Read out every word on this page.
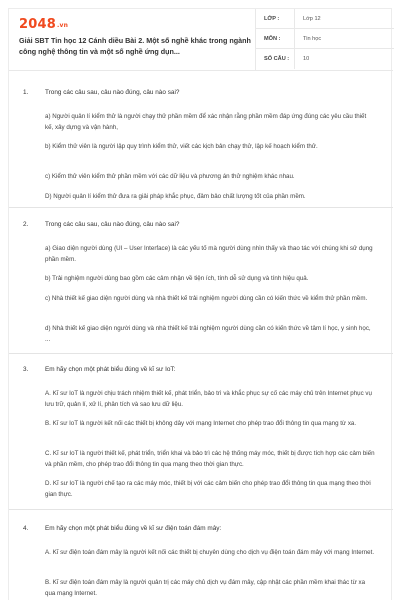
2048.vn
Giải SBT Tin học 12 Cánh diều Bài 2. Một số nghề khác trong ngành công nghệ thông tin và một số nghề ứng dụn...
LỚP :	Lớp 12
MÔN :	Tin học
SỐ CÂU :	10
1.	Trong các câu sau, câu nào đúng, câu nào sai?
a) Người quản lí kiểm thử là người chạy thử phần mềm để xác nhận rằng phần mềm đáp ứng đúng các yêu cầu thiết kế, xây dựng và vận hành,
b) Kiểm thử viên là người lập quy trình kiểm thử, viết các kịch bản chạy thử, lập kế hoạch kiểm thử.
c) Kiểm thử viên kiểm thử phần mềm với các dữ liệu và phương án thử nghiệm khác nhau.
D) Người quản lí kiểm thử đưa ra giải pháp khắc phục, đảm bảo chất lượng tốt của phần mềm.
2.	Trong các câu sau, câu nào đúng, câu nào sai?
a) Giao diện người dùng (UI – User Interface) là các yếu tố mà người dùng nhìn thấy và thao tác với chúng khi sử dụng phần mềm.
b) Trải nghiệm người dùng bao gồm các cảm nhận về tiện ích, tính dễ sử dụng và tính hiệu quả.
c) Nhà thiết kế giao diện người dùng và nhà thiết kế trải nghiệm người dùng cần có kiến thức về kiểm thử phần mềm.
d) Nhà thiết kế giao diện người dùng và nhà thiết kế trải nghiệm người dùng cần có kiến thức về tâm lí học, y sinh học, ...
3.	Em hãy chọn một phát biểu đúng về kĩ sư IoT:
A. Kĩ sư IoT là người chịu trách nhiệm thiết kế, phát triển, bảo trì và khắc phục sự cố các máy chủ trên Internet phục vụ lưu trữ, quản lí, xử lí, phân tích và sao lưu dữ liệu.
B. Kĩ sư IoT là người kết nối các thiết bị không dây với mạng Internet cho phép trao đổi thông tin qua mạng từ xa.
C. Kĩ sư IoT là người thiết kế, phát triển, triển khai và bảo trì các hệ thống máy móc, thiết bị được tích hợp các cảm biến và phần mềm, cho phép trao đổi thông tin qua mạng theo thời gian thực.
D. Kĩ sư IoT là người chế tạo ra các máy móc, thiết bị với các cảm biến cho phép trao đổi thông tin qua mạng theo thời gian thực.
4.	Em hãy chọn một phát biểu đúng về kĩ sư điện toán đám mây:
A. Kĩ sư điện toán đám mây là người kết nối các thiết bị chuyên dùng cho dịch vụ điện toán đám mây với mạng Internet.
B. Kĩ sư điện toán đám mây là người quản trị các máy chủ dịch vụ đám mây, cập nhật các phần mềm khai thác từ xa qua mạng Internet.
